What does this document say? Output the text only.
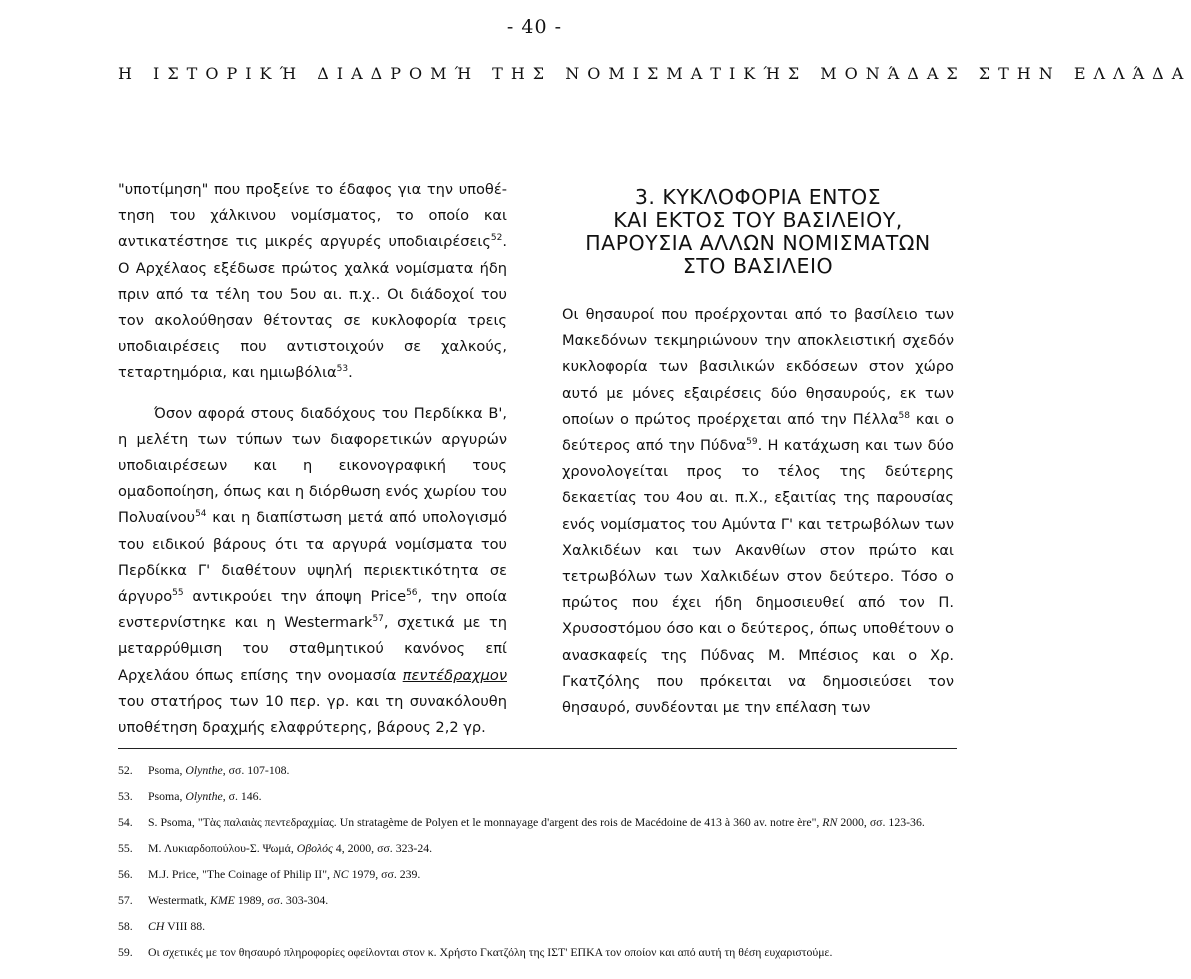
- 40 -
Η ΙΣΤΟΡΙΚΉ ΔΙΑΔΡΟΜΉ ΤΗΣ ΝΟΜΙΣΜΑΤΙΚΉΣ ΜΟΝΆΔΑΣ ΣΤΗΝ ΕΛΛΆΔΑ

"υποτίμηση" που προξείνε το έδαφος για την υποθέτηση του χάλκινου νομίσματος, το οποίο και αντικατέστησε τις μικρές αργυρές υποδιαιρέσεις$^{52}$. Ο Αρχέλαος εξέδωσε πρώτος χαλκά νομίσματα ήδη πριν από τα τέλη του 5ου αι. π.χ.. Οι διάδοχοί του τον ακολούθησαν θέτοντας σε κυκλοφορία τρεις υποδιαιρέσεις που αντιστοιχούν σε χαλκούς, τεταρτημόρια, και ημιωβόλια$^{53}$.

Όσον αφορά στους διαδόχους του Περδίκκα Β', η μελέτη των τύπων των διαφορετικών αργυρών υποδιαιρέσεων και η εικονογραφική τους ομαδοποίηση, όπως και η διόρθωση ενός χωρίου του Πολυαίνου$^{54}$ και η διαπίστωση μετά από υπολογισμό του ειδικού βάρους ότι τα αργυρά νομίσματα του Περδίκκα Γ' διαθέτουν υψηλή περιεκτικότητα σε άργυρο$^{55}$ αντικρούει την άποψη Price$^{56}$, την οποία ενστερνίστηκε και η Westermark$^{57}$, σχετικά με τη μεταρρύθμιση του σταθμητικού κανόνος επί Αρχελάου όπως επίσης την ονομασία πεντέδραχμον του στατήρος των 10 περ. γρ. και τη συνακόλουθη υποθέτηση δραχμής ελαφρύτερης, βάρους 2,2 γρ.

3. ΚΥΚΛΟΦΟΡΙΑ ΕΝΤΟΣ
ΚΑΙ ΕΚΤΟΣ ΤΟΥ ΒΑΣΙΛΕΙΟΥ,
ΠΑΡΟΥΣΙΑ ΑΛΛΩΝ ΝΟΜΙΣΜΑΤΩΝ
ΣΤΟ ΒΑΣΙΛΕΙΟ

Οι θησαυροί που προέρχονται από το βασίλειο των Μακεδόνων τεκμηριώνουν την αποκλειστική σχεδόν κυκλοφορία των βασιλικών εκδόσεων στον χώρο αυτό με μόνες εξαιρέσεις δύο θησαυρούς, εκ των οποίων ο πρώτος προέρχεται από την Πέλλα$^{58}$ και ο δεύτερος από την Πύδνα$^{59}$. Η κατάχωση και των δύο χρονολογείται προς το τέλος της δεύτερης δεκαετίας του 4ου αι. π.Χ., εξαιτίας της παρουσίας ενός νομίσματος του Αμύντα Γ' και τετρωβόλων των Χαλκιδέων και των Ακανθίων στον πρώτο και τετρωβόλων των Χαλκιδέων στον δεύτερο. Τόσο ο πρώτος που έχει ήδη δημοσιευθεί από τον Π. Χρυσοστόμου όσο και ο δεύτερος, όπως υποθέτουν ο ανασκαφείς της Πύδνας Μ. Μπέσιος και ο Χρ. Γκατζόλης που πρόκειται να δημοσιεύσει τον θησαυρό, συνδέονται με την επέλαση των

52.	Psoma, Olynthe, σσ. 107-108.
53.	Psoma, Olynthe, σ. 146.
54.	S. Psoma, "Τὰς παλαιὰς πεντεδραχμίας. Un stratagème de Polyen et le monnayage d'argent des rois de Macédoine de 413 à 360 av. notre ère", RN 2000, σσ. 123-36.
55.	Μ. Λυκιαρδοπούλου-Σ. Ψωμά, Οβολός 4, 2000, σσ. 323-24.
56.	M.J. Price, "The Coinage of Philip II", NC 1979, σσ. 239.
57.	Westermatk, KME 1989, σσ. 303-304.
58.	CH VIII 88.
59.	Οι σχετικές με τον θησαυρό πληροφορίες οφείλονται στον κ. Χρήστο Γκατζόλη της ΙΣΤ' ΕΠΚΑ τον οποίον και από αυτή τη θέση ευχαριστούμε.
